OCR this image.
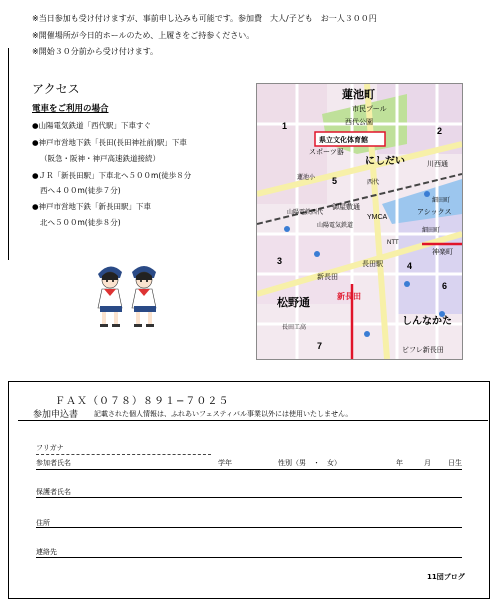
※当日参加も受け付けますが、事前申し込みも可能です。参加費　大人/子ども　お一人３００円
※開催場所が今日的ホールのため、上履きをご持参ください。
※開始３０分前から受け付けます。
アクセス
電車をご利用の場合
●山陽電気鉄道「西代駅」下車すぐ
●神戸市営地下鉄「長田(長田神社前)駅」下車
（阪急・阪神・神戸高速鉄道接続）
●ＪＲ「新長田駅」下車北へ５００m(徒歩８分
西へ４００m(徒歩７分)
●神戸市営地下鉄「新長田駅」下車
北へ５００m(徒歩８分)
蓮池町
市民プール
西代公園
県立文化体育館
スポーツ器
にしだい	川西通
蓮池小
御屋敷通
YMCA
アシックス
山陽電気鉄道
細田町
NTT
細田町
長田駅
神楽町
新長田
松野通
しんなかた
長田工高
ビフレ新長田
新長田
西代
山陽電鉄西代
1	2
3	4
5
6
7
ＦＡＸ（０７８）８９１−７０２５
参加申込書 記載された個人情報は、ふれあいフェスティバル事業以外には使用いたしません。
フリガナ
参加者氏名	学年	性別（男　・　女）	年	月 日生
保護者氏名
住所
連絡先
11団ブログ
